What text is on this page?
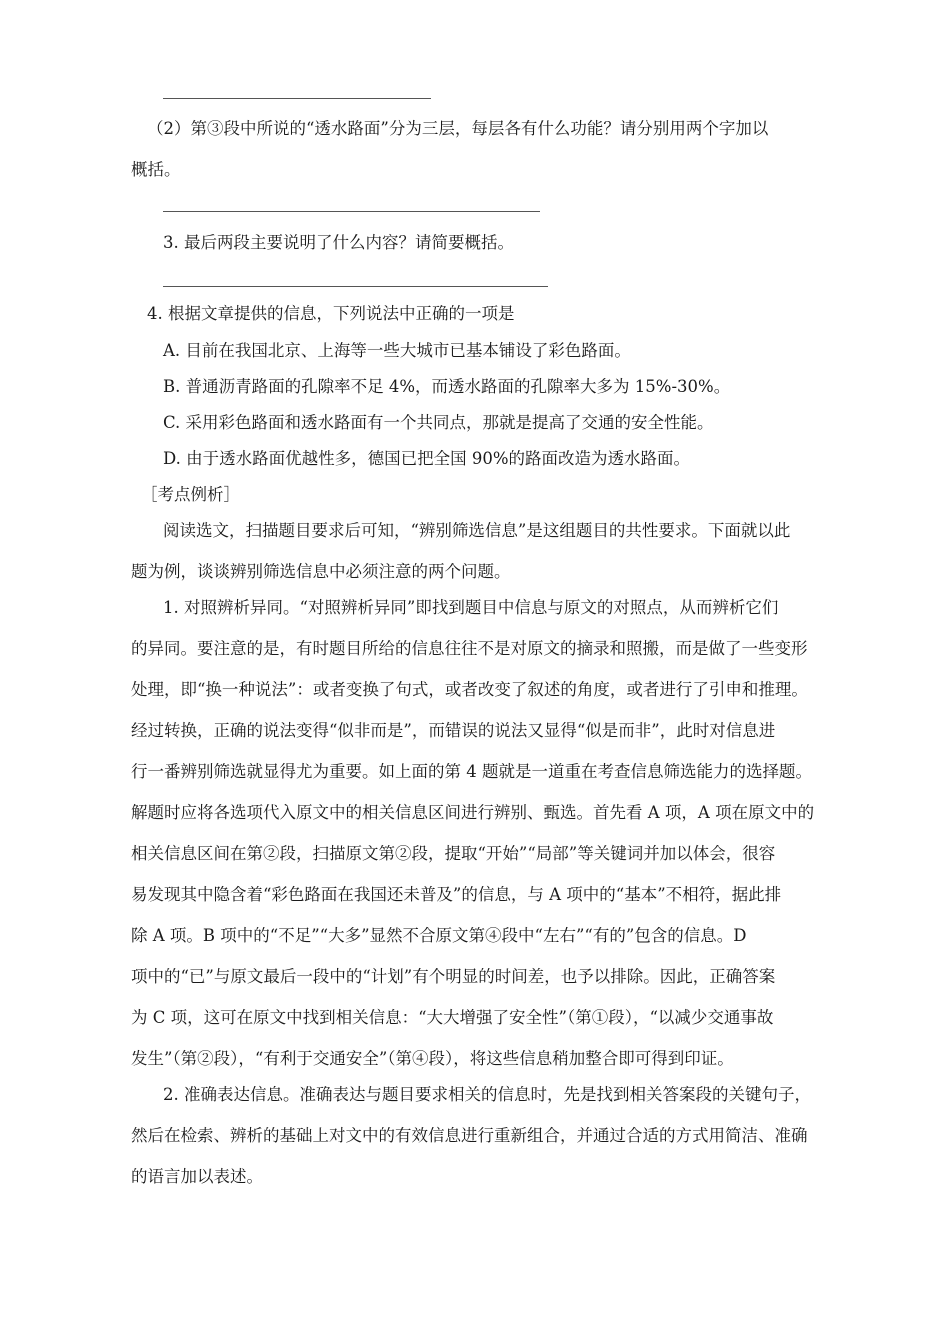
（2）第③段中所说的“透水路面”分为三层，每层各有什么功能？请分别用两个字加以
概括。
3. 最后两段主要说明了什么内容？请简要概括。
4. 根据文章提供的信息，下列说法中正确的一项是
A. 目前在我国北京、上海等一些大城市已基本铺设了彩色路面。
B. 普通沥青路面的孔隙率不足 4%，而透水路面的孔隙率大多为 15%-30%。
C. 采用彩色路面和透水路面有一个共同点，那就是提高了交通的安全性能。
D. 由于透水路面优越性多，德国已把全国 90%的路面改造为透水路面。
［考点例析］
阅读选文，扫描题目要求后可知，“辨别筛选信息”是这组题目的共性要求。下面就以此
题为例，谈谈辨别筛选信息中必须注意的两个问题。
1. 对照辨析异同。“对照辨析异同”即找到题目中信息与原文的对照点，从而辨析它们
的异同。要注意的是，有时题目所给的信息往往不是对原文的摘录和照搬，而是做了一些变形
处理，即“换一种说法”：或者变换了句式，或者改变了叙述的角度，或者进行了引申和推理。
经过转换，正确的说法变得“似非而是”，而错误的说法又显得“似是而非”，此时对信息进
行一番辨别筛选就显得尤为重要。如上面的第 4 题就是一道重在考查信息筛选能力的选择题。
解题时应将各选项代入原文中的相关信息区间进行辨别、甄选。首先看 A 项，A 项在原文中的
相关信息区间在第②段，扫描原文第②段，提取“开始”“局部”等关键词并加以体会，很容
易发现其中隐含着“彩色路面在我国还未普及”的信息，与 A 项中的“基本”不相符，据此排
除 A 项。B 项中的“不足”“大多”显然不合原文第④段中“左右”“有的”包含的信息。D
项中的“已”与原文最后一段中的“计划”有个明显的时间差，也予以排除。因此，正确答案
为 C 项，这可在原文中找到相关信息：“大大增强了安全性”（第①段），“以减少交通事故
发生”（第②段），“有利于交通安全”（第④段），将这些信息稍加整合即可得到印证。
2. 准确表达信息。准确表达与题目要求相关的信息时，先是找到相关答案段的关键句子，
然后在检索、辨析的基础上对文中的有效信息进行重新组合，并通过合适的方式用简洁、准确
的语言加以表述。
